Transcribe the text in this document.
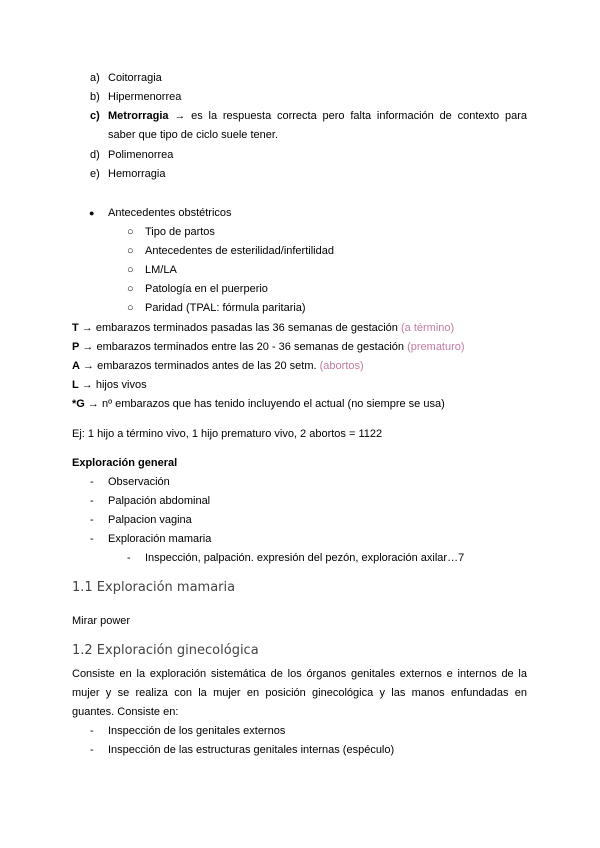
a) Coitorragia
b) Hipermenorrea
c) Metrorragia → es la respuesta correcta pero falta información de contexto para
saber que tipo de ciclo suele tener.
d) Polimenorrea
e) Hemorragia
● Antecedentes obstétricos
○ Tipo de partos
○ Antecedentes de esterilidad/infertilidad
○ LM/LA
○ Patología en el puerperio
○ Paridad (TPAL: fórmula paritaria)
T → embarazos terminados pasadas las 36 semanas de gestación (a término)
P → embarazos terminados entre las 20 - 36 semanas de gestación (prematuro)
A → embarazos terminados antes de las 20 setm. (abortos)
L → hijos vivos
*G → nº embarazos que has tenido incluyendo el actual (no siempre se usa)
Ej: 1 hijo a término vivo, 1 hijo prematuro vivo, 2 abortos = 1122
Exploración general
- Observación
- Palpación abdominal
- Palpacion vagina
- Exploración mamaria
- Inspección, palpación. expresión del pezón, exploración axilar…7
1.1 Exploración mamaria
Mirar power
1.2 Exploración ginecológica
Consiste en la exploración sistemática de los órganos genitales externos e internos de la
mujer y se realiza con la mujer en posición ginecológica y las manos enfundadas en
guantes. Consiste en:
- Inspección de los genitales externos
- Inspección de las estructuras genitales internas (espéculo)
